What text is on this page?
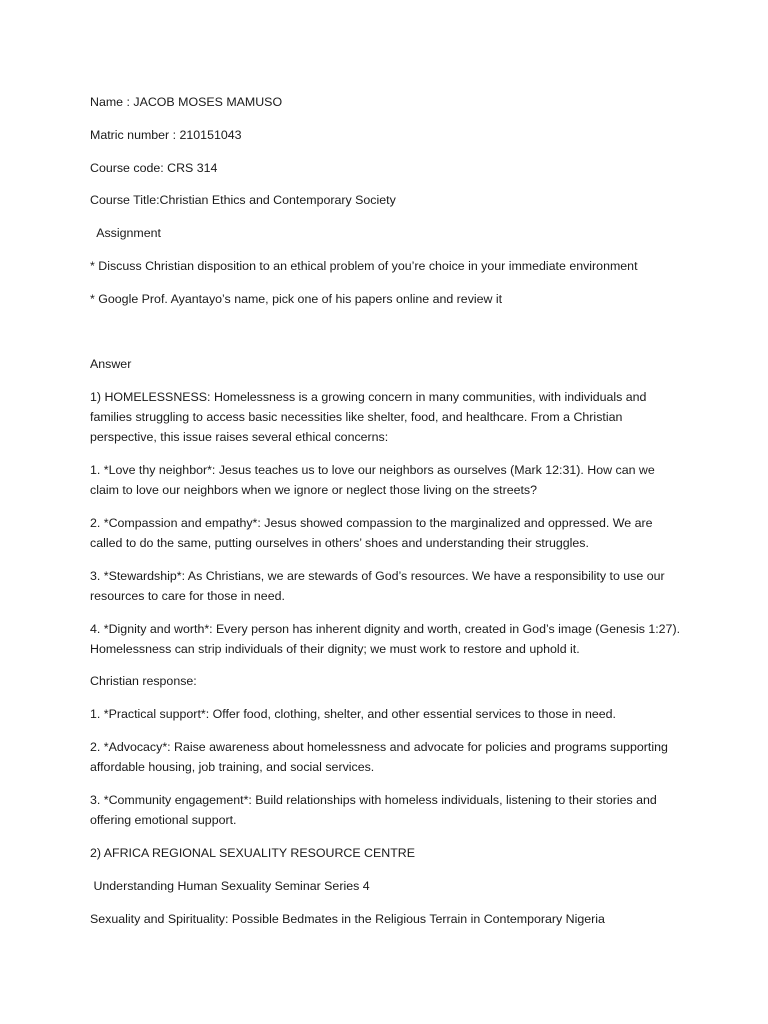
Name : JACOB MOSES MAMUSO

Matric number : 210151043

Course code: CRS 314

Course Title:Christian Ethics and Contemporary Society

Assignment

* Discuss Christian disposition to an ethical problem of you’re choice in your immediate environment

* Google Prof. Ayantayo’s name, pick one of his papers online and review it

Answer

1) HOMELESSNESS: Homelessness is a growing concern in many communities, with individuals and families struggling to access basic necessities like shelter, food, and healthcare. From a Christian perspective, this issue raises several ethical concerns:

1. *Love thy neighbor*: Jesus teaches us to love our neighbors as ourselves (Mark 12:31). How can we claim to love our neighbors when we ignore or neglect those living on the streets?

2. *Compassion and empathy*: Jesus showed compassion to the marginalized and oppressed. We are called to do the same, putting ourselves in others’ shoes and understanding their struggles.

3. *Stewardship*: As Christians, we are stewards of God’s resources. We have a responsibility to use our resources to care for those in need.

4. *Dignity and worth*: Every person has inherent dignity and worth, created in God’s image (Genesis 1:27). Homelessness can strip individuals of their dignity; we must work to restore and uphold it.

Christian response:

1. *Practical support*: Offer food, clothing, shelter, and other essential services to those in need.

2. *Advocacy*: Raise awareness about homelessness and advocate for policies and programs supporting affordable housing, job training, and social services.

3. *Community engagement*: Build relationships with homeless individuals, listening to their stories and offering emotional support.

2) AFRICA REGIONAL SEXUALITY RESOURCE CENTRE

Understanding Human Sexuality Seminar Series 4

Sexuality and Spirituality: Possible Bedmates in the Religious Terrain in Contemporary Nigeria
